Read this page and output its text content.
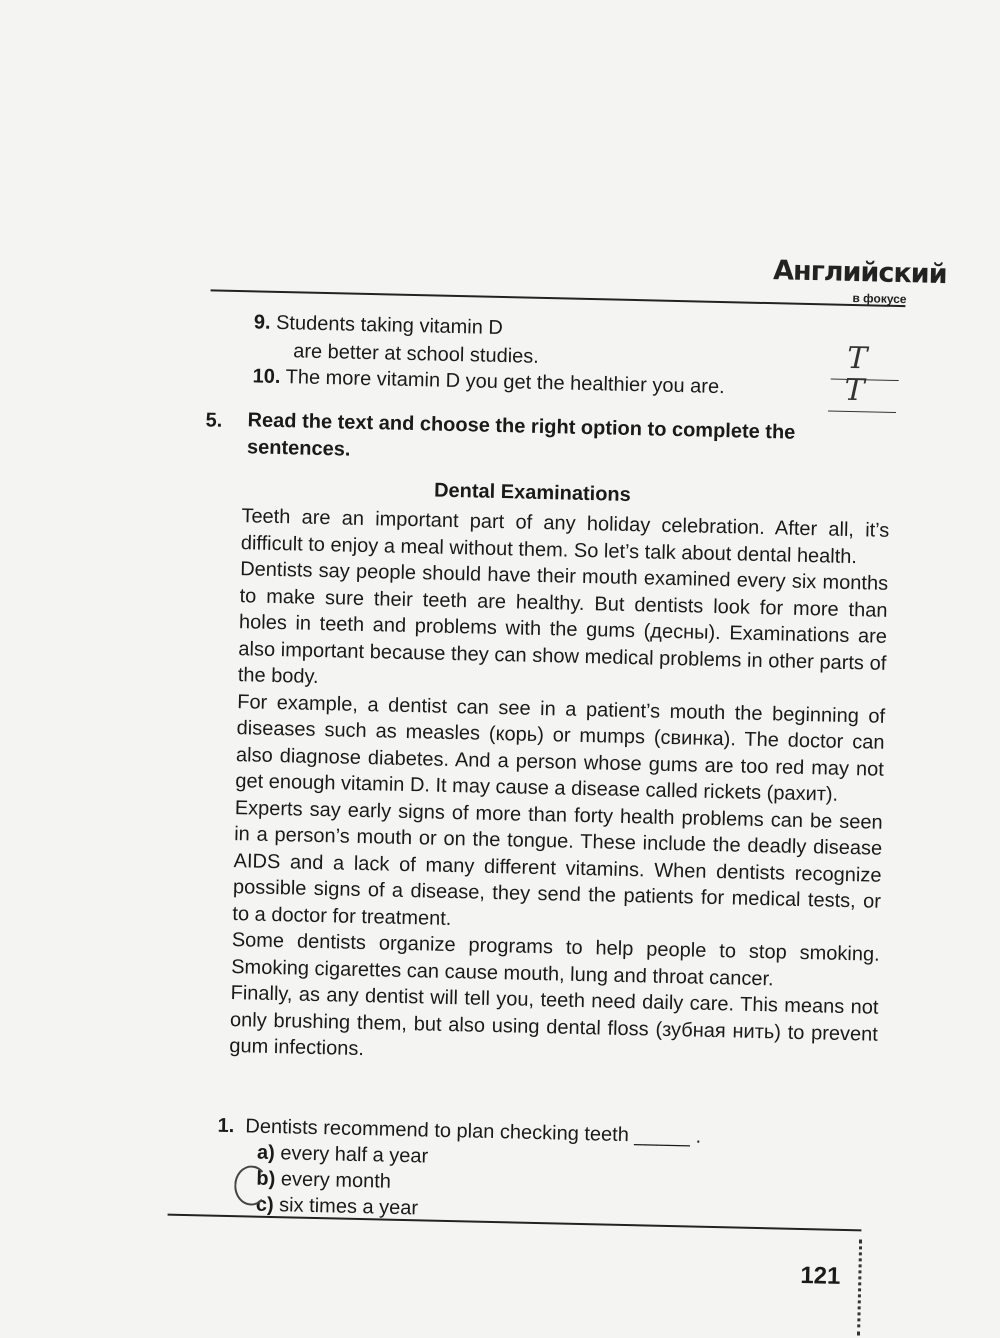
Английский
в фокусе
9. Students taking vitamin D
are better at school studies.	T
10. The more vitamin D you get the healthier you are.	T
5. Read the text and choose the right option to complete the sentences.
Dental Examinations

Teeth are an important part of any holiday celebration. After all, it’s difficult to enjoy a meal without them. So let’s talk about dental health.

Dentists say people should have their mouth examined every six months to make sure their teeth are healthy. But dentists look for more than holes in teeth and problems with the gums (десны). Examinations are also important because they can show medical problems in other parts of the body.

For example, a dentist can see in a patient’s mouth the beginning of diseases such as measles (корь) or mumps (свинка). The doctor can also diagnose diabetes. And a person whose gums are too red may not get enough vitamin D. It may cause a disease called rickets (рахит).

Experts say early signs of more than forty health problems can be seen in a person’s mouth or on the tongue. These include the deadly disease AIDS and a lack of many different vitamins. When dentists recognize possible signs of a disease, they send the patients for medical tests, or to a doctor for treatment.

Some dentists organize programs to help people to stop smoking. Smoking cigarettes can cause mouth, lung and throat cancer.

Finally, as any dentist will tell you, teeth need daily care. This means not only brushing them, but also using dental floss (зубная нить) to prevent gum infections.

1. Dentists recommend to plan checking teeth _____ .
a) every half a year
b) every month
c) six times a year
121
